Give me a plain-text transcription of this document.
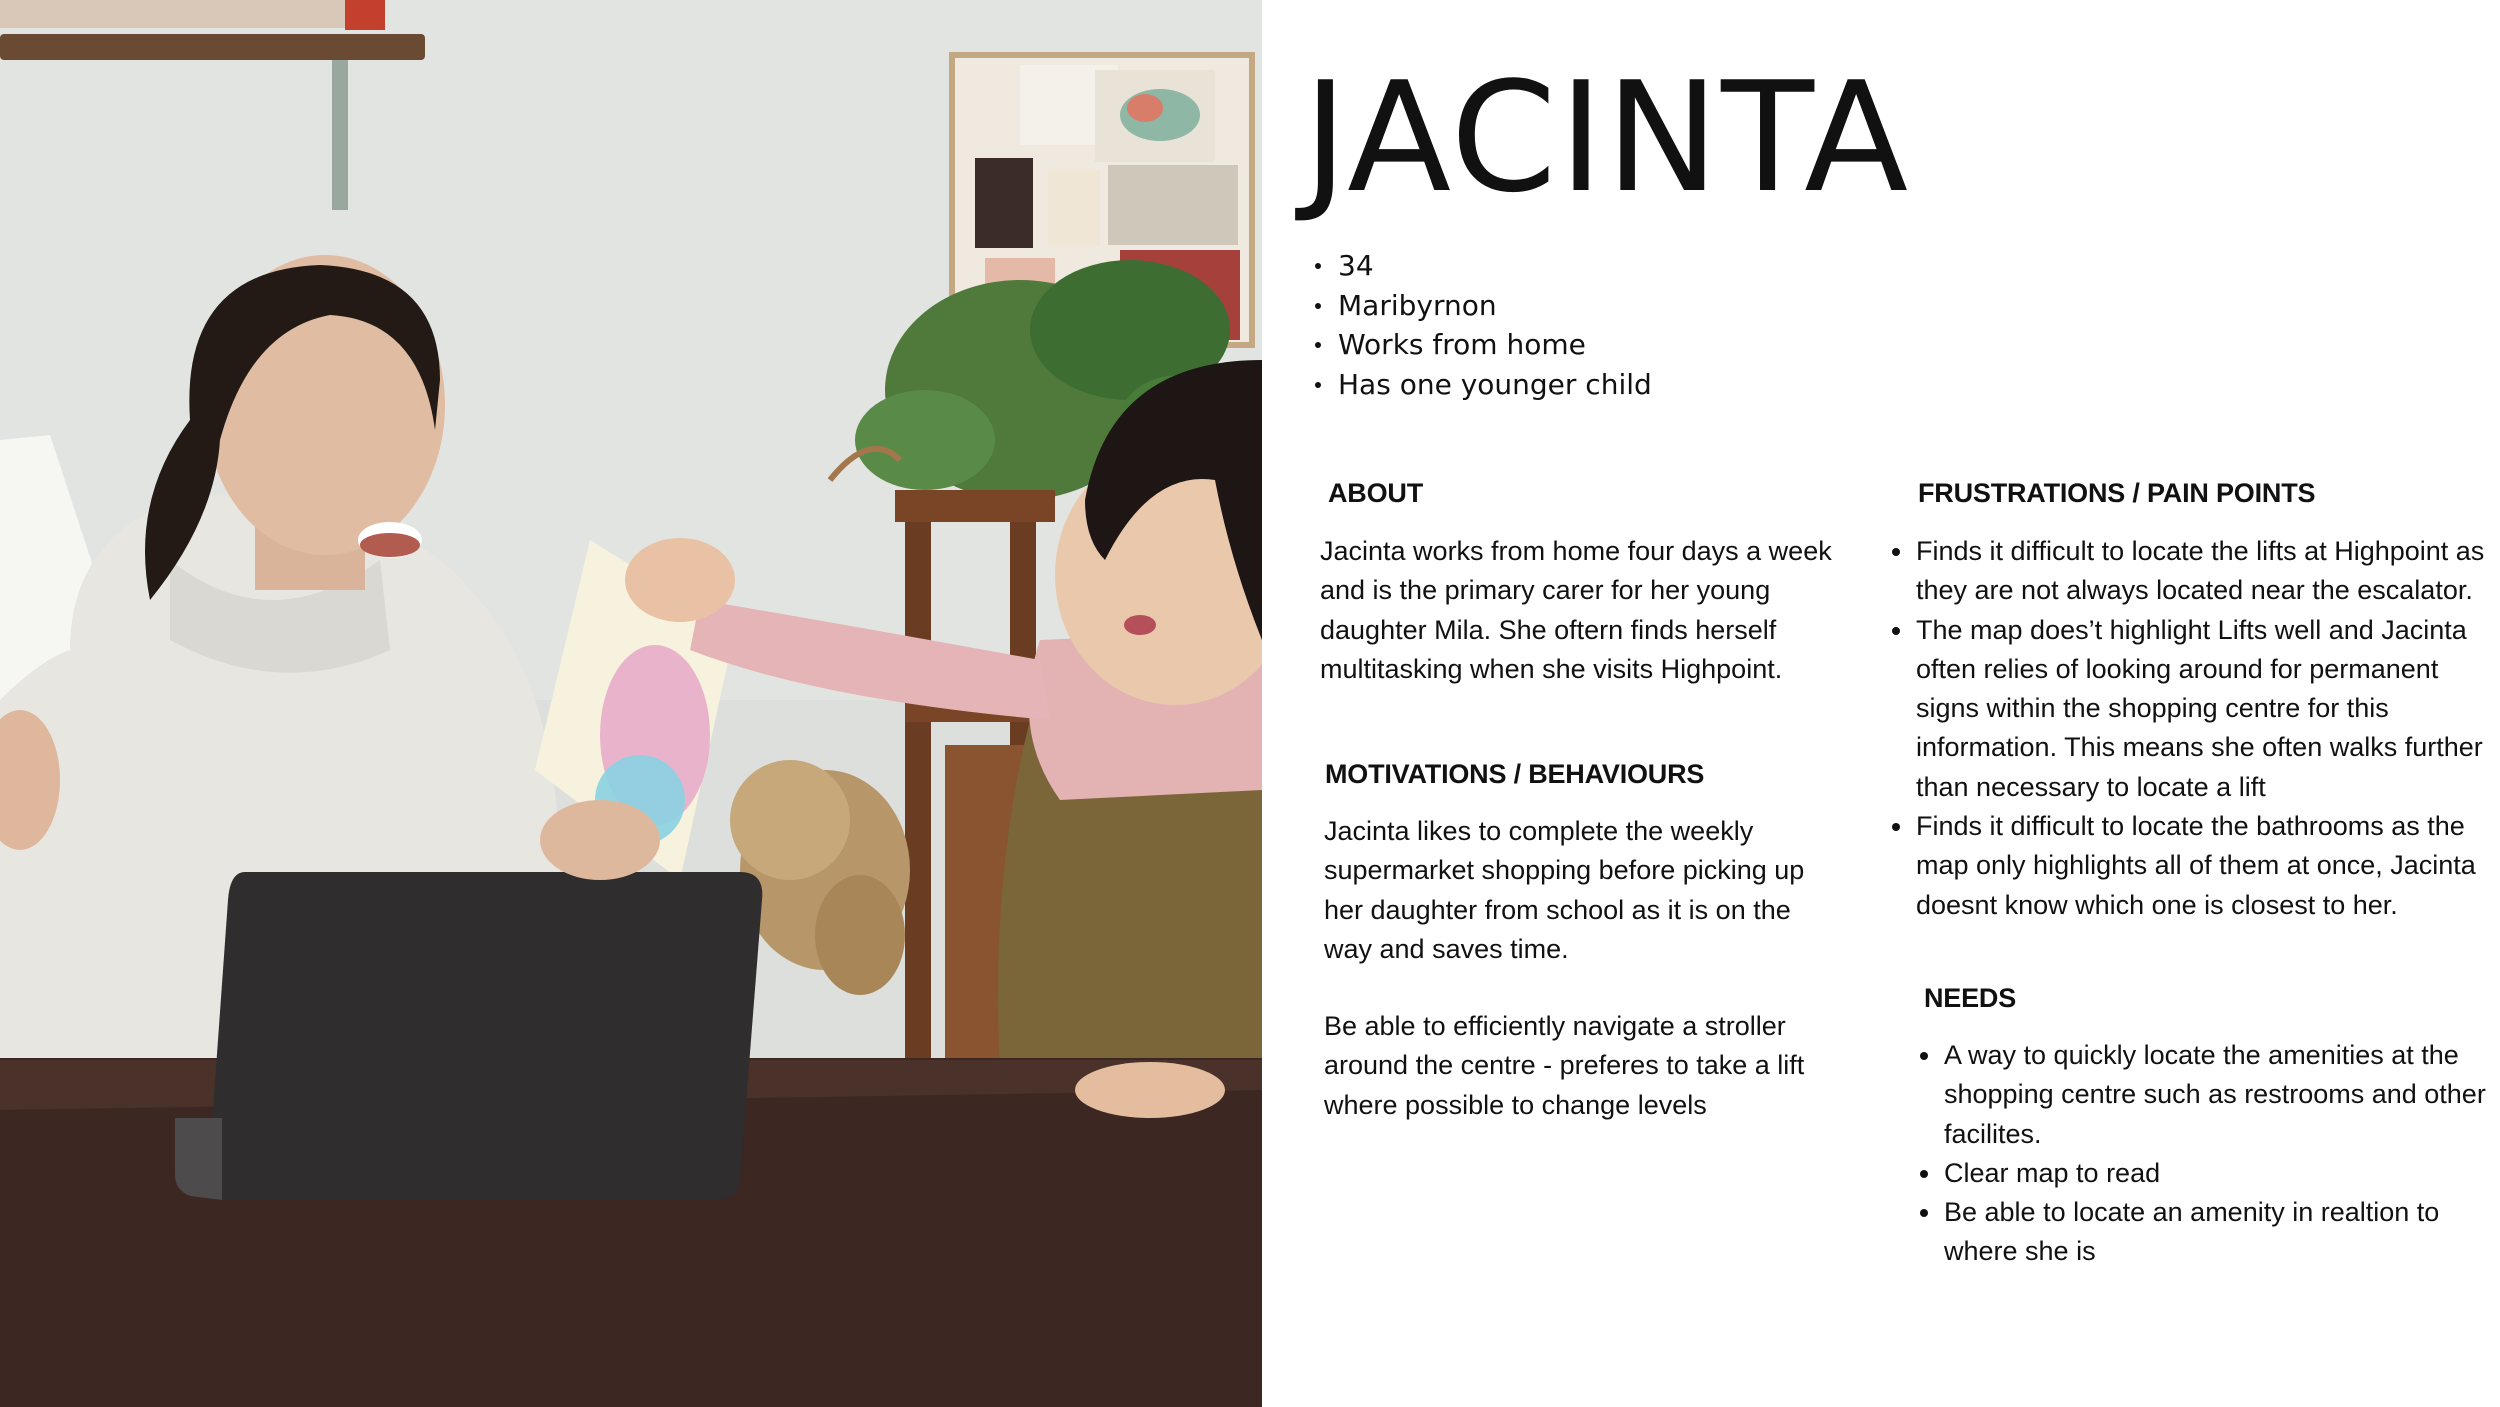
JACINTA
34
Maribyrnon
Works from home
Has one younger child
ABOUT

Jacinta works from home four days a week and is the primary carer for her young daughter Mila. She oftern finds herself multitasking when she visits Highpoint.

MOTIVATIONS / BEHAVIOURS

Jacinta likes to complete the weekly supermarket shopping before picking up her daughter from school as it is on the way and saves time.

Be able to efficiently navigate a stroller around the centre - preferes to take a lift where possible to change levels

FRUSTRATIONS / PAIN POINTS
Finds it difficult to locate the lifts at Highpoint as they are not always located near the escalator.
The map does’t highlight Lifts well and Jacinta often relies of looking around for permanent signs within the shopping centre for this information. This means she often walks further than necessary to locate a lift
Finds it difficult to locate the bathrooms as the map only highlights all of them at once, Jacinta doesnt know which one is closest to her.
NEEDS
A way to quickly locate the amenities at the shopping centre such as restrooms and other facilites.
Clear map to read
Be able to locate an amenity in realtion to where she is
